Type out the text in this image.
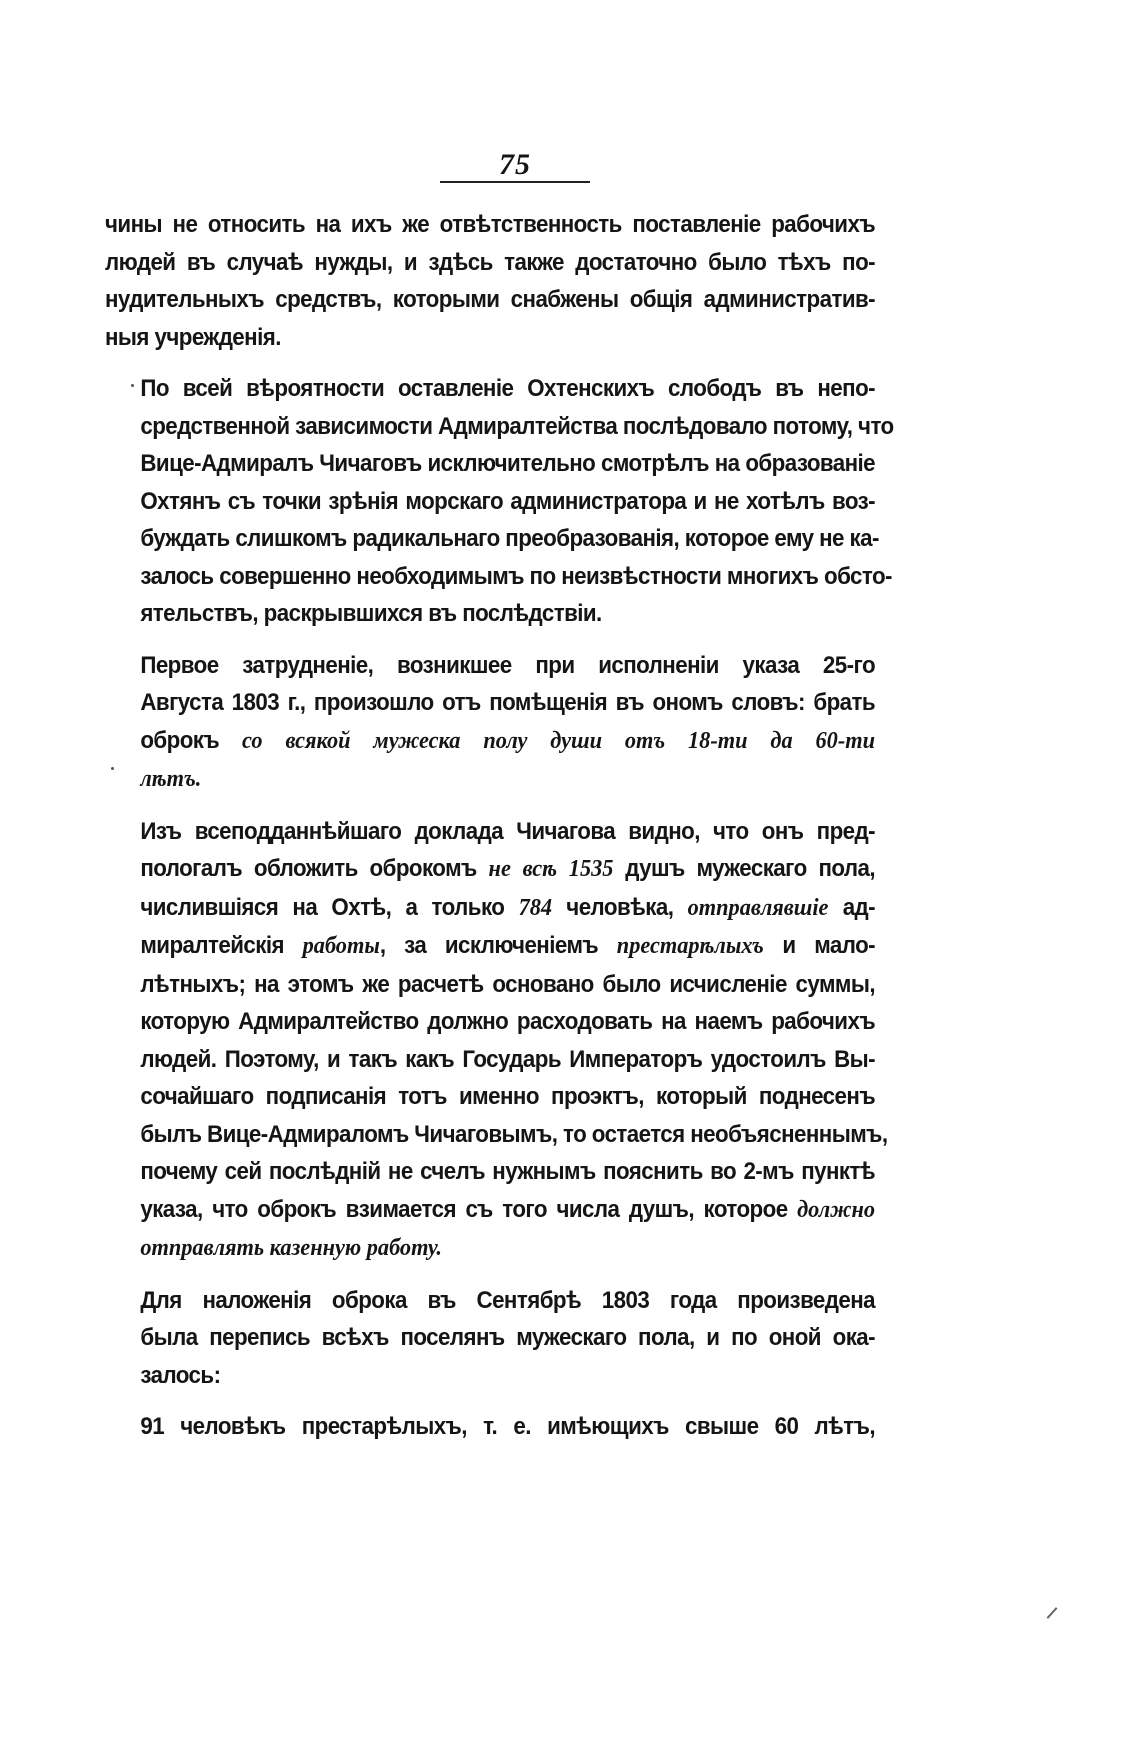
75

чины не относить на ихъ же отвѣтственность поставленіе рабочихъ
людей въ случаѣ нужды, и здѣсь также достаточно было тѣхъ по-
нудительныхъ средствъ, которыми снабжены общія административ-
ныя учрежденія.

По всей вѣроятности оставленіе Охтенскихъ слободъ въ непо-
средственной зависимости Адмиралтейства послѣдовало потому, что
Вице-Адмиралъ Чичаговъ исключительно смотрѣлъ на образованіе
Охтянъ съ точки зрѣнія морскаго администратора и не хотѣлъ воз-
буждать слишкомъ радикальнаго преобразованія, которое ему не ка-
залось совершенно необходимымъ по неизвѣстности многихъ обсто-
ятельствъ, раскрывшихся въ послѣдствіи.

Первое затрудненіе, возникшее при исполненіи указа 25-го
Августа 1803 г., произошло отъ помѣщенія въ ономъ словъ: брать
оброкъ со всякой мужеска полу души отъ 18-ти да 60-ти
лѣтъ.

Изъ всеподданнѣйшаго доклада Чичагова видно, что онъ пред-
пологалъ обложить оброкомъ не всѣ 1535 душъ мужескаго пола,
числившіяся на Охтѣ, а только 784 человѣка, отправлявшіе ад-
миралтейскія работы, за исключеніемъ престарѣлыхъ и мало-
лѣтныхъ; на этомъ же расчетѣ основано было исчисленіе суммы,
которую Адмиралтейство должно расходовать на наемъ рабочихъ
людей. Поэтому, и такъ какъ Государь Императоръ удостоилъ Вы-
сочайшаго подписанія тотъ именно проэктъ, который поднесенъ
былъ Вице-Адмираломъ Чичаговымъ, то остается необъясненнымъ,
почему сей послѣдній не счелъ нужнымъ пояснить во 2-мъ пунктѣ
указа, что оброкъ взимается съ того числа душъ, которое должно
отправлять казенную работу.

Для наложенія оброка въ Сентябрѣ 1803 года произведена
была перепись всѣхъ поселянъ мужескаго пола, и по оной ока-
залось:

91 человѣкъ престарѣлыхъ, т. е. имѣющихъ свыше 60 лѣтъ,
